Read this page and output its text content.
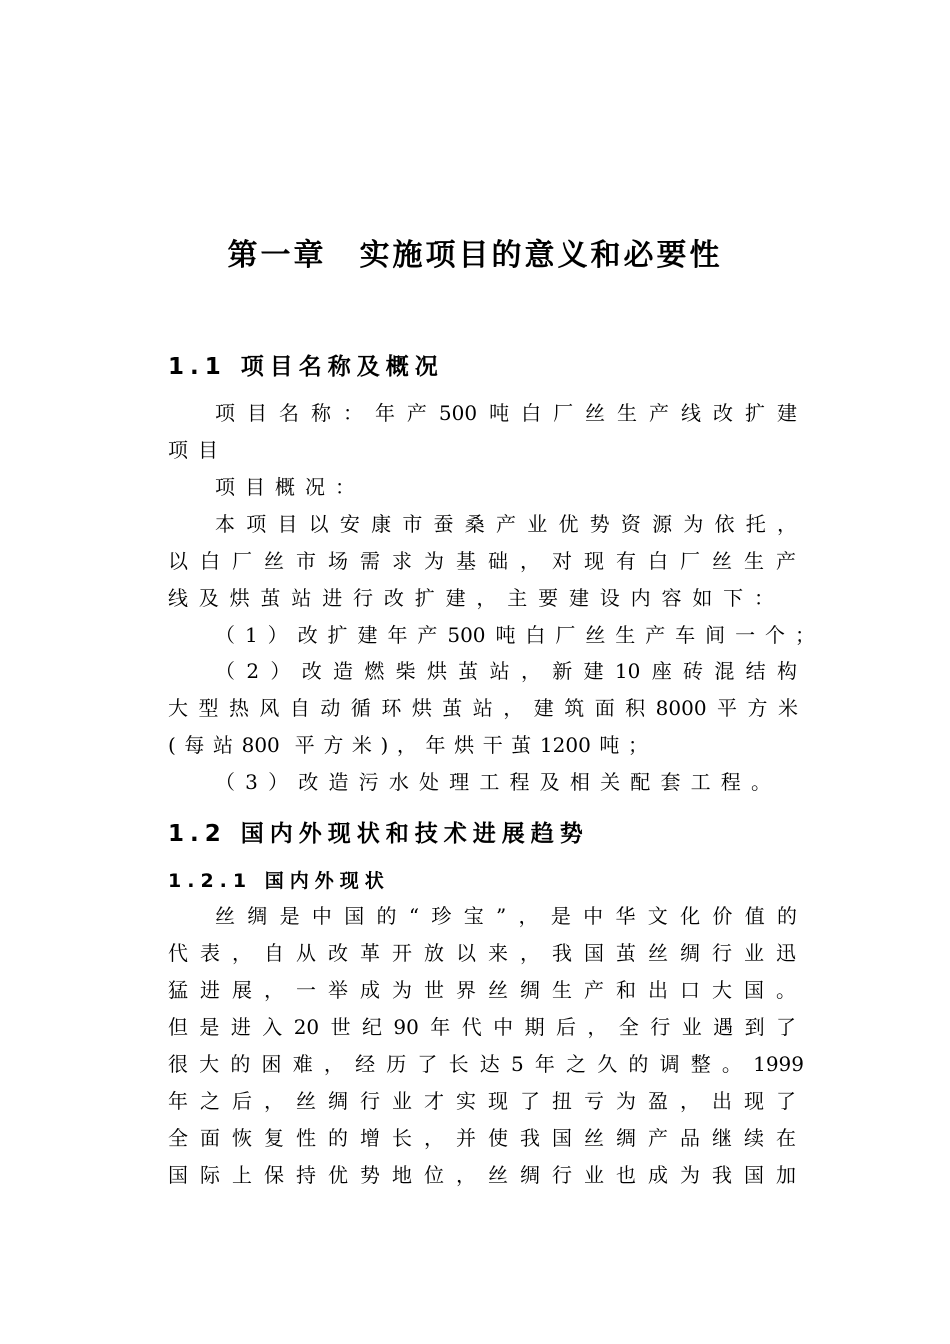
第一章　实施项目的意义和必要性
1.1 项目名称及概况
项目名称：年产500吨白厂丝生产线改扩建
项目
项目概况：
本项目以安康市蚕桑产业优势资源为依托，
以白厂丝市场需求为基础，对现有白厂丝生产
线及烘茧站进行改扩建，主要建设内容如下：
（1）改扩建年产500吨白厂丝生产车间一个；
（2）改造燃柴烘茧站，新建10座砖混结构
大型热风自动循环烘茧站，建筑面积8000平方米
(每站800 平方米)，年烘干茧1200吨；
（3）改造污水处理工程及相关配套工程。
1.2 国内外现状和技术进展趋势
1.2.1 国内外现状
丝绸是中国的“珍宝”，是中华文化价值的
代表，自从改革开放以来，我国茧丝绸行业迅
猛进展，一举成为世界丝绸生产和出口大国。
但是进入20世纪90年代中期后，全行业遇到了
很大的困难，经历了长达5年之久的调整。1999
年之后，丝绸行业才实现了扭亏为盈，出现了
全面恢复性的增长，并使我国丝绸产品继续在
国际上保持优势地位，丝绸行业也成为我国加
